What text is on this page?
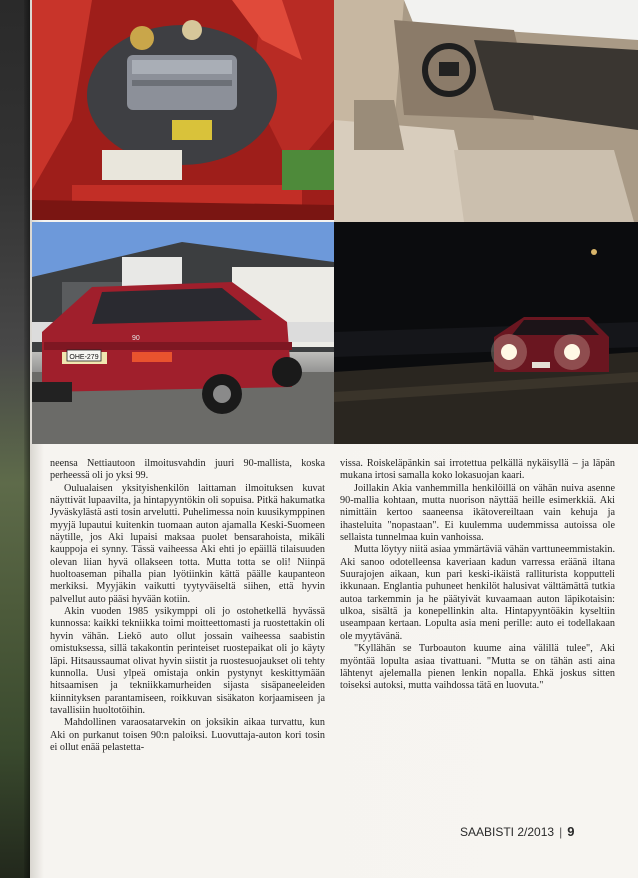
OHE-279
90

neensa Nettiautoon ilmoitusvahdin juuri 90-mallista, koska perheessä oli jo yksi 99.

Oulualaisen yksityishenkilön laittaman ilmoituksen kuvat näyttivät lupaavilta, ja hintapyyntökin oli sopuisa. Pitkä hakumatka Jyväskylästä asti tosin arvelutti. Puhelimessa noin kuusikymppinen myyjä lupautui kuitenkin tuomaan auton ajamalla Keski-Suomeen näytille, jos Aki lupaisi maksaa puolet bensarahoista, mikäli kauppoja ei synny. Tässä vaiheessa Aki ehti jo epäillä tilaisuuden olevan liian hyvä ollakseen totta. Mutta totta se oli! Niinpä huoltoaseman pihalla pian lyötiinkin kättä päälle kaupanteon merkiksi. Myyjäkin vaikutti tyytyväiseltä siihen, että hyvin palvellut auto pääsi hyvään kotiin.

Akin vuoden 1985 ysikymppi oli jo ostohetkellä hyvässä kunnossa: kaikki tekniikka toimi moitteettomasti ja ruostettakin oli hyvin vähän. Liekö auto ollut jossain vaiheessa saabistin omistuksessa, sillä takakontin perinteiset ruostepaikat oli jo käyty läpi. Hitsaussaumat olivat hyvin siistit ja ruostesuojaukset oli tehty kunnolla. Uusi ylpeä omistaja onkin pystynyt keskittymään hitsaamisen ja tekniikkamurheiden sijasta sisäpaneeleiden kiinnityksen parantamiseen, roikkuvan sisäkaton korjaamiseen ja tavallisiin huoltotöihin.

Mahdollinen varaosatarvekin on joksikin aikaa turvattu, kun Aki on purkanut toisen 90:n paloiksi. Luovuttaja-auton kori tosin ei ollut enää pelastetta-

vissa. Roiskeläpänkin sai irrotettua pelkällä nykäisyllä – ja läpän mukana irtosi samalla koko lokasuojan kaari.

Joillakin Akia vanhemmilla henkilöillä on vähän nuiva asenne 90-mallia kohtaan, mutta nuorison näyttää heille esimerkkiä. Aki nimittäin kertoo saaneensa ikätovereiltaan vain kehuja ja ihasteluita "nopastaan". Ei kuulemma uudemmissa autoissa ole sellaista tunnelmaa kuin vanhoissa.

Mutta löytyy niitä asiaa ymmärtäviä vähän varttuneemmistakin. Aki sanoo odotelleensa kaveriaan kadun varressa eräänä iltana Suurajojen aikaan, kun pari keski-ikäistä ralliturista kopputteli ikkunaan. Englantia puhuneet henkilöt halusivat välttämättä tutkia autoa tarkemmin ja he päätyivät kuvaamaan auton läpikotaisin: ulkoa, sisältä ja konepellinkin alta. Hintapyyntöäkin kyseltiin useampaan kertaan. Lopulta asia meni perille: auto ei todellakaan ole myytävänä.

"Kyllähän se Turboauton kuume aina välillä tulee", Aki myöntää lopulta asiaa tivattuani. "Mutta se on tähän asti aina lähtenyt ajelemalla pienen lenkin nopalla. Ehkä joskus sitten toiseksi autoksi, mutta vaihdossa tätä en luovuta."

SAABISTI 2/2013 | 9
